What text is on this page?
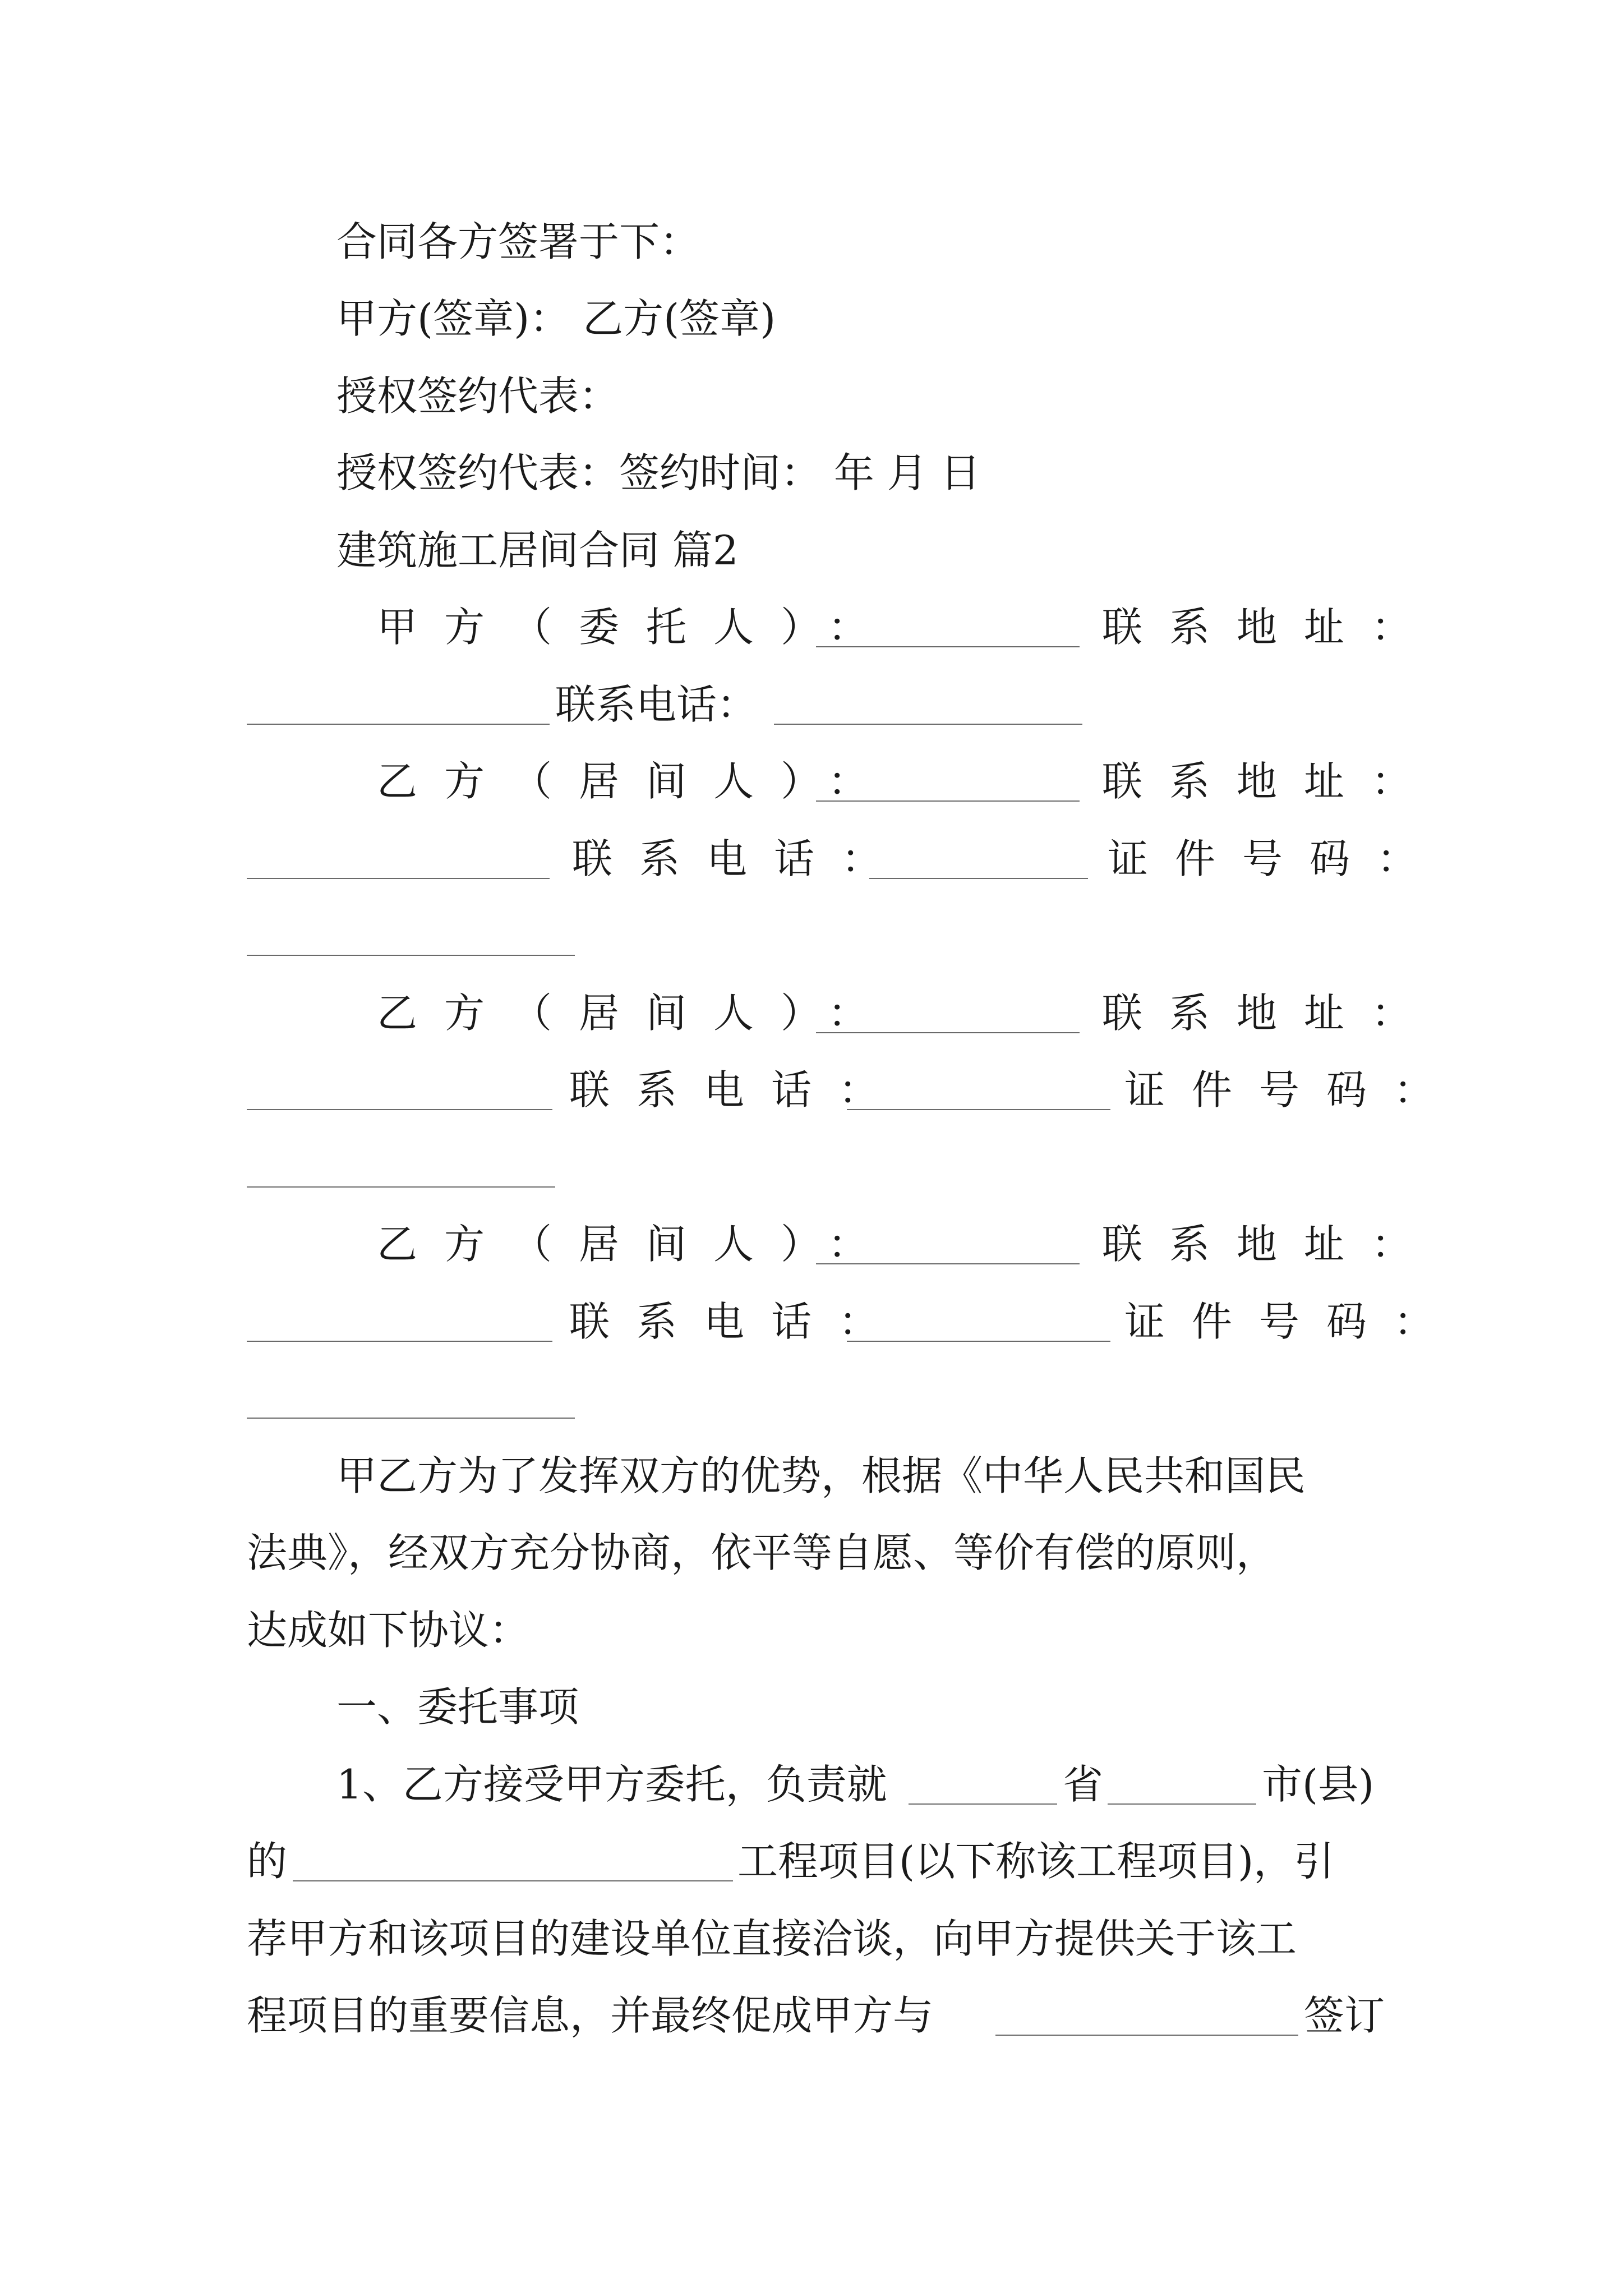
合同各方签署于下：
甲方(签章)： 乙方(签章)
授权签约代表：
授权签约代表：签约时间： 年 月 日
建筑施工居间合同 篇2
甲方（委托人）：	联系地址：
联系电话：
乙方（居间人）：	联系地址：
联系电话：	证件号码：
乙方（居间人）：	联系地址：
联系电话：	证件号码：
乙方（居间人）：	联系地址：
联系电话：	证件号码：
甲乙方为了发挥双方的优势，根据《中华人民共和国民
法典》，经双方充分协商，依平等自愿、等价有偿的原则，
达成如下协议：
一、委托事项
1、乙方接受甲方委托，负责就	省	市(县)
的	工程项目(以下称该工程项目)，引
荐甲方和该项目的建设单位直接洽谈，向甲方提供关于该工
程项目的重要信息，并最终促成甲方与	签订
